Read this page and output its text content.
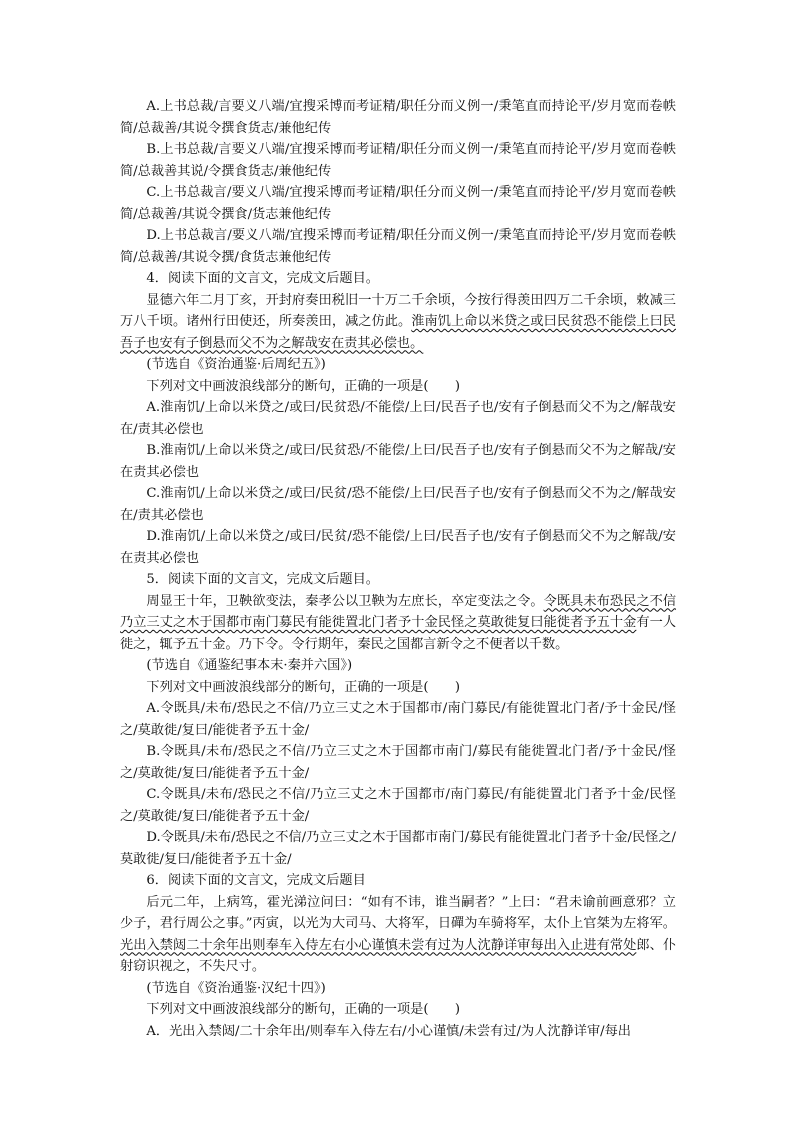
A.上书总裁/言要义八端/宜搜采博而考证精/职任分而义例一/秉笔直而持论平/岁月宽而卷帙简/总裁善/其说令撰食货志/兼他纪传

B.上书总裁/言要义八端/宜搜采博而考证精/职任分而义例一/秉笔直而持论平/岁月宽而卷帙简/总裁善其说/令撰食货志/兼他纪传

C.上书总裁言/要义八端/宜搜采博而考证精/职任分而义例一/秉笔直而持论平/岁月宽而卷帙简/总裁善/其说令撰食/货志兼他纪传

D.上书总裁言/要义八端/宜搜采博而考证精/职任分而义例一/秉笔直而持论平/岁月宽而卷帙简/总裁善/其说令撰/食货志兼他纪传

4．阅读下面的文言文，完成文后题目。

显德六年二月丁亥，开封府奏田税旧一十万二千余顷，今按行得羡田四万二千余顷，敕减三万八千顷。诸州行田使还，所奏羡田，减之仿此。淮南饥上命以米贷之或曰民贫恐不能偿上曰民吾子也安有子倒悬而父不为之解哉安在责其必偿也。

(节选自《资治通鉴·后周纪五》)

下列对文中画波浪线部分的断句，正确的一项是(　　)

A.淮南饥/上命以米贷之/或曰/民贫恐/不能偿/上曰/民吾子也/安有子倒悬而父不为之/解哉安在/责其必偿也

B.淮南饥/上命以米贷之/或曰/民贫恐/不能偿/上曰/民吾子也/安有子倒悬而父不为之解哉/安在责其必偿也

C.淮南饥/上命以米贷之/或曰/民贫/恐不能偿/上曰/民吾子也/安有子倒悬而父不为之/解哉安在/责其必偿也

D.淮南饥/上命以米贷之/或曰/民贫/恐不能偿/上曰/民吾子也/安有子倒悬而父不为之解哉/安在责其必偿也

5．阅读下面的文言文，完成文后题目。

周显王十年，卫鞅欲变法，秦孝公以卫鞅为左庶长，卒定变法之令。令既具未布恐民之不信乃立三丈之木于国都市南门募民有能徙置北门者予十金民怪之莫敢徙复曰能徙者予五十金有一人徙之，辄予五十金。乃下令。令行期年，秦民之国都言新令之不便者以千数。

(节选自《通鉴纪事本末·秦并六国》)

下列对文中画波浪线部分的断句，正确的一项是(　　)

A.令既具/未布/恐民之不信/乃立三丈之木于国都市/南门募民/有能徙置北门者/予十金民/怪之/莫敢徙/复曰/能徙者予五十金/

B.令既具/未布/恐民之不信/乃立三丈之木于国都市南门/募民有能徙置北门者/予十金民/怪之/莫敢徙/复曰/能徙者予五十金/

C.令既具/未布/恐民之不信/乃立三丈之木于国都市/南门募民/有能徙置北门者予十金/民怪之/莫敢徙/复曰/能徙者予五十金/

D.令既具/未布/恐民之不信/乃立三丈之木于国都市南门/募民有能徙置北门者予十金/民怪之/莫敢徙/复曰/能徙者予五十金/

6．阅读下面的文言文，完成文后题目

后元二年，上病笃，霍光涕泣问曰：“如有不讳，谁当嗣者？”上曰：“君未谕前画意邪？立少子，君行周公之事。”丙寅，以光为大司马、大将军，日磾为车骑将军，太仆上官桀为左将军。光出入禁闼二十余年出则奉车入侍左右小心谨慎未尝有过为人沈静详审每出入止进有常处郎、仆射窃识视之，不失尺寸。

(节选自《资治通鉴·汉纪十四》)

下列对文中画波浪线部分的断句，正确的一项是(　　)

A．光出入禁闼/二十余年出/则奉车入侍左右/小心谨慎/未尝有过/为人沈静详审/每出
